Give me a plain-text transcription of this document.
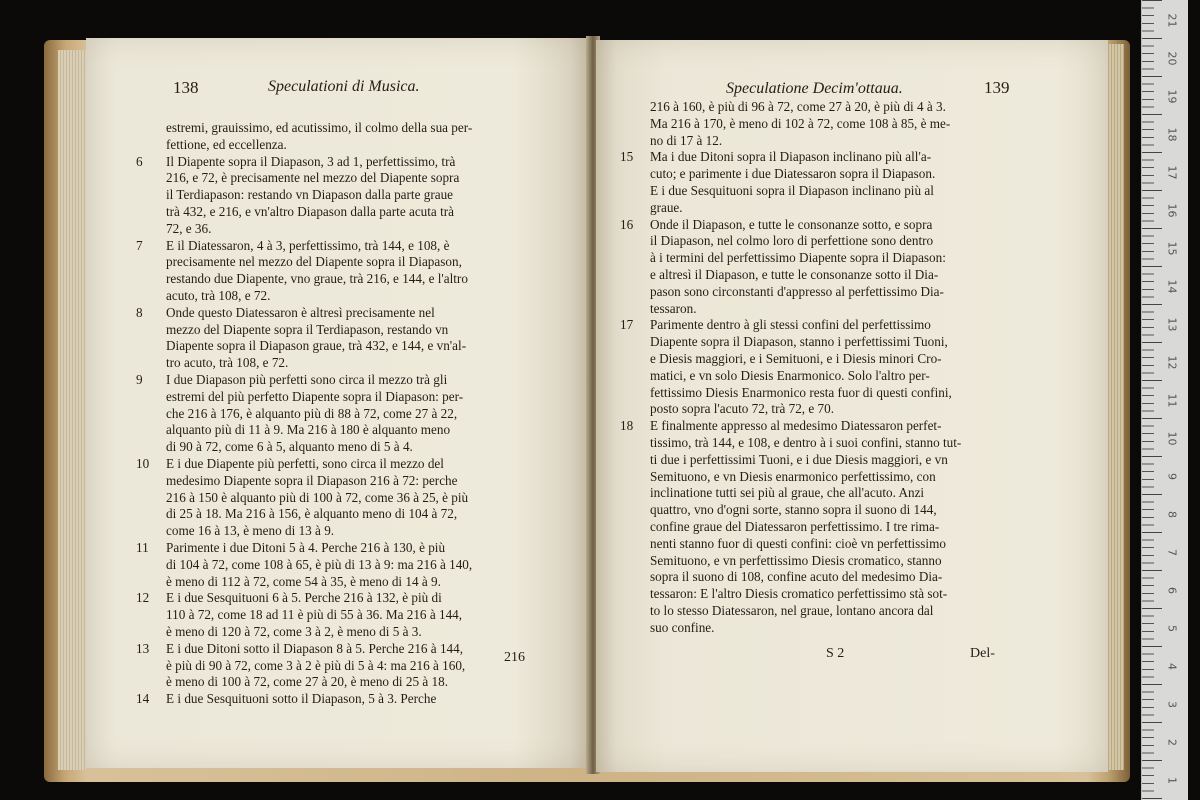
138	Speculationi di Musica.
estremi, grauissimo, ed acutissimo, il colmo della sua per-
fettione, ed eccellenza.
6 Il Diapente sopra il Diapason, 3 ad 1, perfettissimo, trà
216, e 72, è precisamente nel mezzo del Diapente sopra
il Terdiapason: restando vn Diapason dalla parte graue
trà 432, e 216, e vn'altro Diapason dalla parte acuta trà
72, e 36.
7 E il Diatessaron, 4 à 3, perfettissimo, trà 144, e 108, è
precisamente nel mezzo del Diapente sopra il Diapason,
restando due Diapente, vno graue, trà 216, e 144, e l'altro
acuto, trà 108, e 72.
8 Onde questo Diatessaron è altresì precisamente nel
mezzo del Diapente sopra il Terdiapason, restando vn
Diapente sopra il Diapason graue, trà 432, e 144, e vn'al-
tro acuto, trà 108, e 72.
9 I due Diapason più perfetti sono circa il mezzo trà gli
estremi del più perfetto Diapente sopra il Diapason: per-
che 216 à 176, è alquanto più di 88 à 72, come 27 à 22,
alquanto più di 11 à 9. Ma 216 à 180 è alquanto meno
di 90 à 72, come 6 à 5, alquanto meno di 5 à 4.
10 E i due Diapente più perfetti, sono circa il mezzo del
medesimo Diapente sopra il Diapason 216 à 72: perche
216 à 150 è alquanto più di 100 à 72, come 36 à 25, è più
di 25 à 18. Ma 216 à 156, è alquanto meno di 104 à 72,
come 16 à 13, è meno di 13 à 9.
11 Parimente i due Ditoni 5 à 4. Perche 216 à 130, è più
di 104 à 72, come 108 à 65, è più di 13 à 9: ma 216 à 140,
è meno di 112 à 72, come 54 à 35, è meno di 14 à 9.
12 E i due Sesquituoni 6 à 5. Perche 216 à 132, è più di
110 à 72, come 18 ad 11 è più di 55 à 36. Ma 216 à 144,
è meno di 120 à 72, come 3 à 2, è meno di 5 à 3.
13 E i due Ditoni sotto il Diapason 8 à 5. Perche 216 à 144,
è più di 90 à 72, come 3 à 2 è più di 5 à 4: ma 216 à 160,
è meno di 100 à 72, come 27 à 20, è meno di 25 à 18.
14 E i due Sesquituoni sotto il Diapason, 5 à 3. Perche
216
Speculatione Decim'ottaua.	139
216 à 160, è più di 96 à 72, come 27 à 20, è più di 4 à 3.
Ma 216 à 170, è meno di 102 à 72, come 108 à 85, è me-
no di 17 à 12.
15 Ma i due Ditoni sopra il Diapason inclinano più all'a-
cuto; e parimente i due Diatessaron sopra il Diapason.
E i due Sesquituoni sopra il Diapason inclinano più al
graue.
16 Onde il Diapason, e tutte le consonanze sotto, e sopra
il Diapason, nel colmo loro di perfettione sono dentro
à i termini del perfettissimo Diapente sopra il Diapason:
e altresì il Diapason, e tutte le consonanze sotto il Dia-
pason sono circonstanti d'appresso al perfettissimo Dia-
tessaron.
17 Parimente dentro à gli stessi confini del perfettissimo
Diapente sopra il Diapason, stanno i perfettissimi Tuoni,
e Diesis maggiori, e i Semituoni, e i Diesis minori Cro-
matici, e vn solo Diesis Enarmonico. Solo l'altro per-
fettissimo Diesis Enarmonico resta fuor di questi confini,
posto sopra l'acuto 72, trà 72, e 70.
18 E finalmente appresso al medesimo Diatessaron perfet-
tissimo, trà 144, e 108, e dentro à i suoi confini, stanno tut-
ti due i perfettissimi Tuoni, e i due Diesis maggiori, e vn
Semituono, e vn Diesis enarmonico perfettissimo, con
inclinatione tutti sei più al graue, che all'acuto. Anzi
quattro, vno d'ogni sorte, stanno sopra il suono di 144,
confine graue del Diatessaron perfettissimo. I tre rima-
nenti stanno fuor di questi confini: cioè vn perfettissimo
Semituono, e vn perfettissimo Diesis cromatico, stanno
sopra il suono di 108, confine acuto del medesimo Dia-
tessaron: E l'altro Diesis cromatico perfettissimo stà sot-
to lo stesso Diatessaron, nel graue, lontano ancora dal
suo confine.
S 2	Del-
21
20
19
18
17
16
15
14
13
12
11
10
9
8
7
6
5
4
3
2
1
